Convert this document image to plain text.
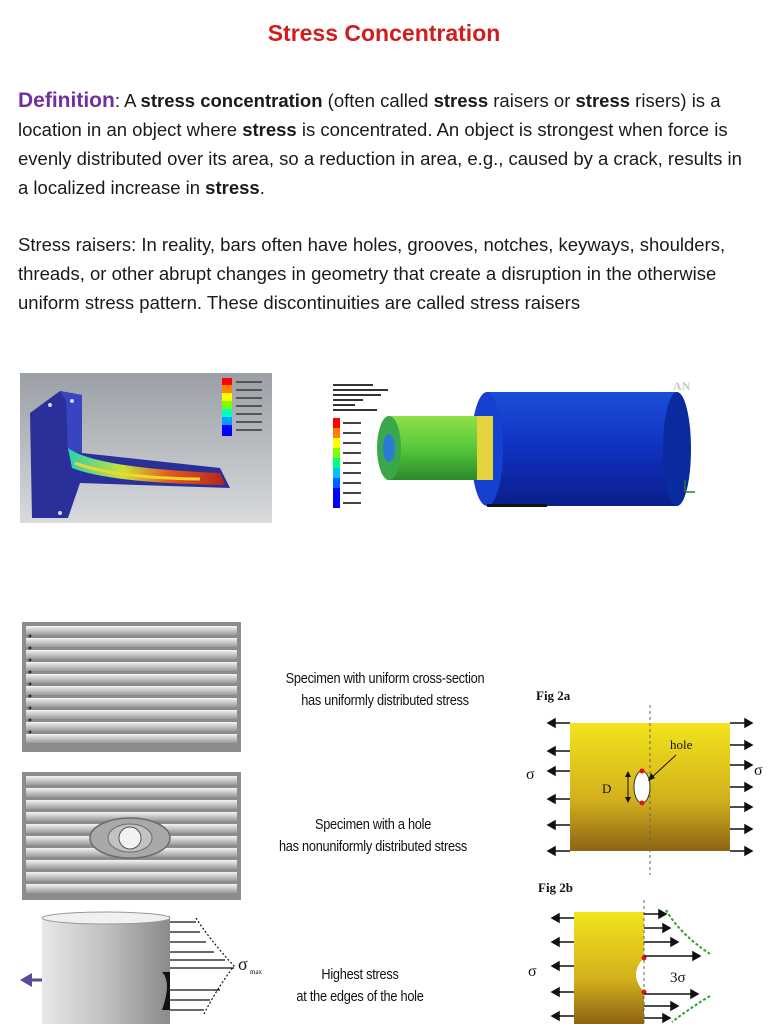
Stress Concentration
Definition: A stress concentration (often called stress raisers or stress risers) is a location in an object where stress is concentrated. An object is strongest when force is evenly distributed over its area, so a reduction in area, e.g., caused by a crack, results in a localized increase in stress.
Stress raisers: In reality, bars often have holes, grooves, notches, keyways, shoulders, threads, or other abrupt changes in geometry that create a disruption in the otherwise uniform stress pattern. These discontinuities are called stress raisers
AN
σ max
Specimen with uniform cross-section
has uniformly distributed stress
Specimen with a hole
has nonuniformly distributed stress
Highest stress
at the edges of the hole
Fig 2a
D
hole
σ	σ
Fig 2b
σ	3σ
